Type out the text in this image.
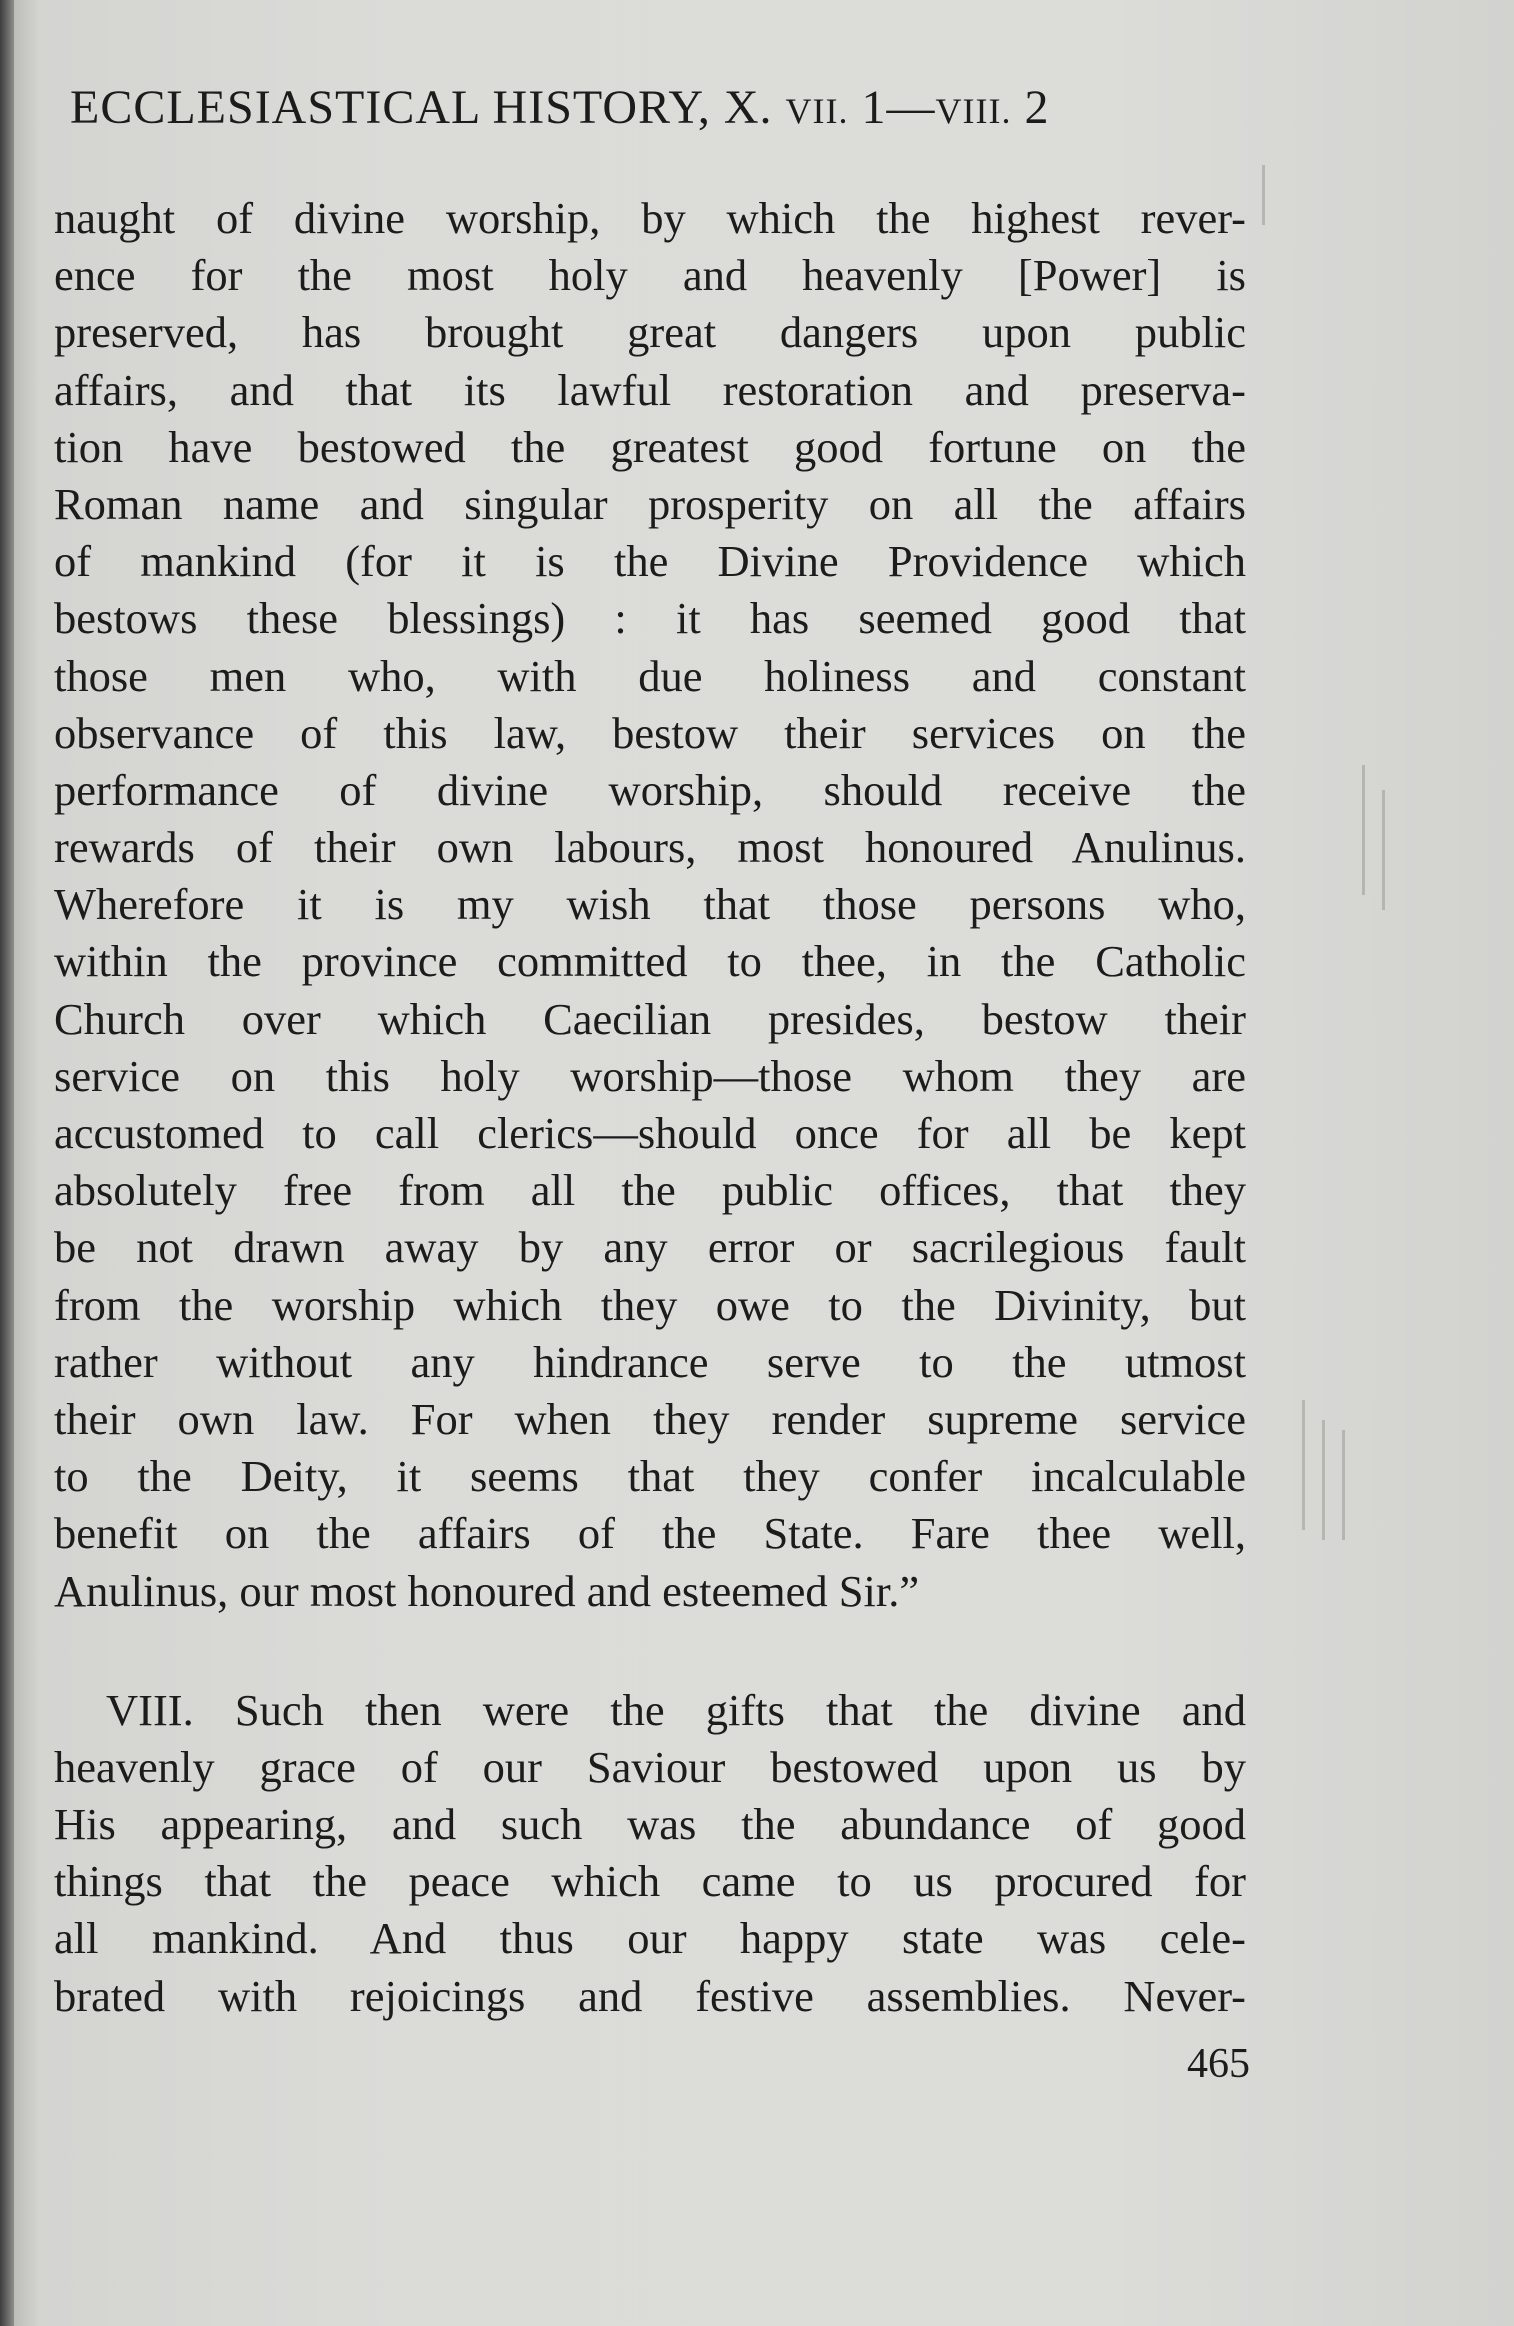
ECCLESIASTICAL HISTORY, X. VII. 1—VIII. 2
naught of divine worship, by which the highest rever-
ence for the most holy and heavenly [Power] is
preserved, has brought great dangers upon public
affairs, and that its lawful restoration and preserva-
tion have bestowed the greatest good fortune on the
Roman name and singular prosperity on all the affairs
of mankind (for it is the Divine Providence which
bestows these blessings) : it has seemed good that
those men who, with due holiness and constant
observance of this law, bestow their services on the
performance of divine worship, should receive the
rewards of their own labours, most honoured Anulinus.
Wherefore it is my wish that those persons who,
within the province committed to thee, in the Catholic
Church over which Caecilian presides, bestow their
service on this holy worship—those whom they are
accustomed to call clerics—should once for all be kept
absolutely free from all the public offices, that they
be not drawn away by any error or sacrilegious fault
from the worship which they owe to the Divinity, but
rather without any hindrance serve to the utmost
their own law. For when they render supreme service
to the Deity, it seems that they confer incalculable
benefit on the affairs of the State. Fare thee well,
Anulinus, our most honoured and esteemed Sir.”
VIII. Such then were the gifts that the divine and
heavenly grace of our Saviour bestowed upon us by
His appearing, and such was the abundance of good
things that the peace which came to us procured for
all mankind. And thus our happy state was cele-
brated with rejoicings and festive assemblies. Never-
465
